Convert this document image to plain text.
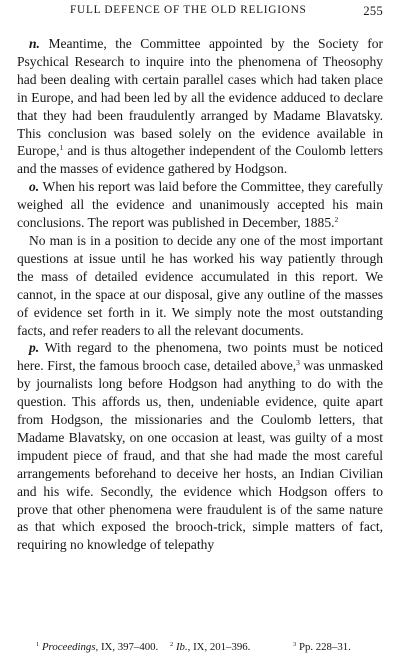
FULL DEFENCE OF THE OLD RELIGIONS	255

n. Meantime, the Committee appointed by the Society for Psychical Research to inquire into the phenomena of Theosophy had been dealing with certain parallel cases which had taken place in Europe, and had been led by all the evidence adduced to declare that they had been fraudulently arranged by Madame Blavatsky. This conclusion was based solely on the evidence available in Europe,$^1$ and is thus altogether independent of the Coulomb letters and the masses of evidence gathered by Hodgson.

o. When his report was laid before the Committee, they carefully weighed all the evidence and unanimously accepted his main conclusions. The report was published in December, 1885.$^2$

No man is in a position to decide any one of the most important questions at issue until he has worked his way patiently through the mass of detailed evidence accumulated in this report. We cannot, in the space at our disposal, give any outline of the masses of evidence set forth in it. We simply note the most outstanding facts, and refer readers to all the relevant documents.

p. With regard to the phenomena, two points must be noticed here. First, the famous brooch case, detailed above,$^3$ was unmasked by journalists long before Hodgson had anything to do with the question. This affords us, then, undeniable evidence, quite apart from Hodgson, the missionaries and the Coulomb letters, that Madame Blavatsky, on one occasion at least, was guilty of a most impudent piece of fraud, and that she had made the most careful arrangements beforehand to deceive her hosts, an Indian Civilian and his wife. Secondly, the evidence which Hodgson offers to prove that other phenomena were fraudulent is of the same nature as that which exposed the brooch-trick, simple matters of fact, requiring no knowledge of telepathy

$^1$ Proceedings, IX, 397–400. $^2$ Ib., IX, 201–396.	$^3$ Pp. 228–31.
